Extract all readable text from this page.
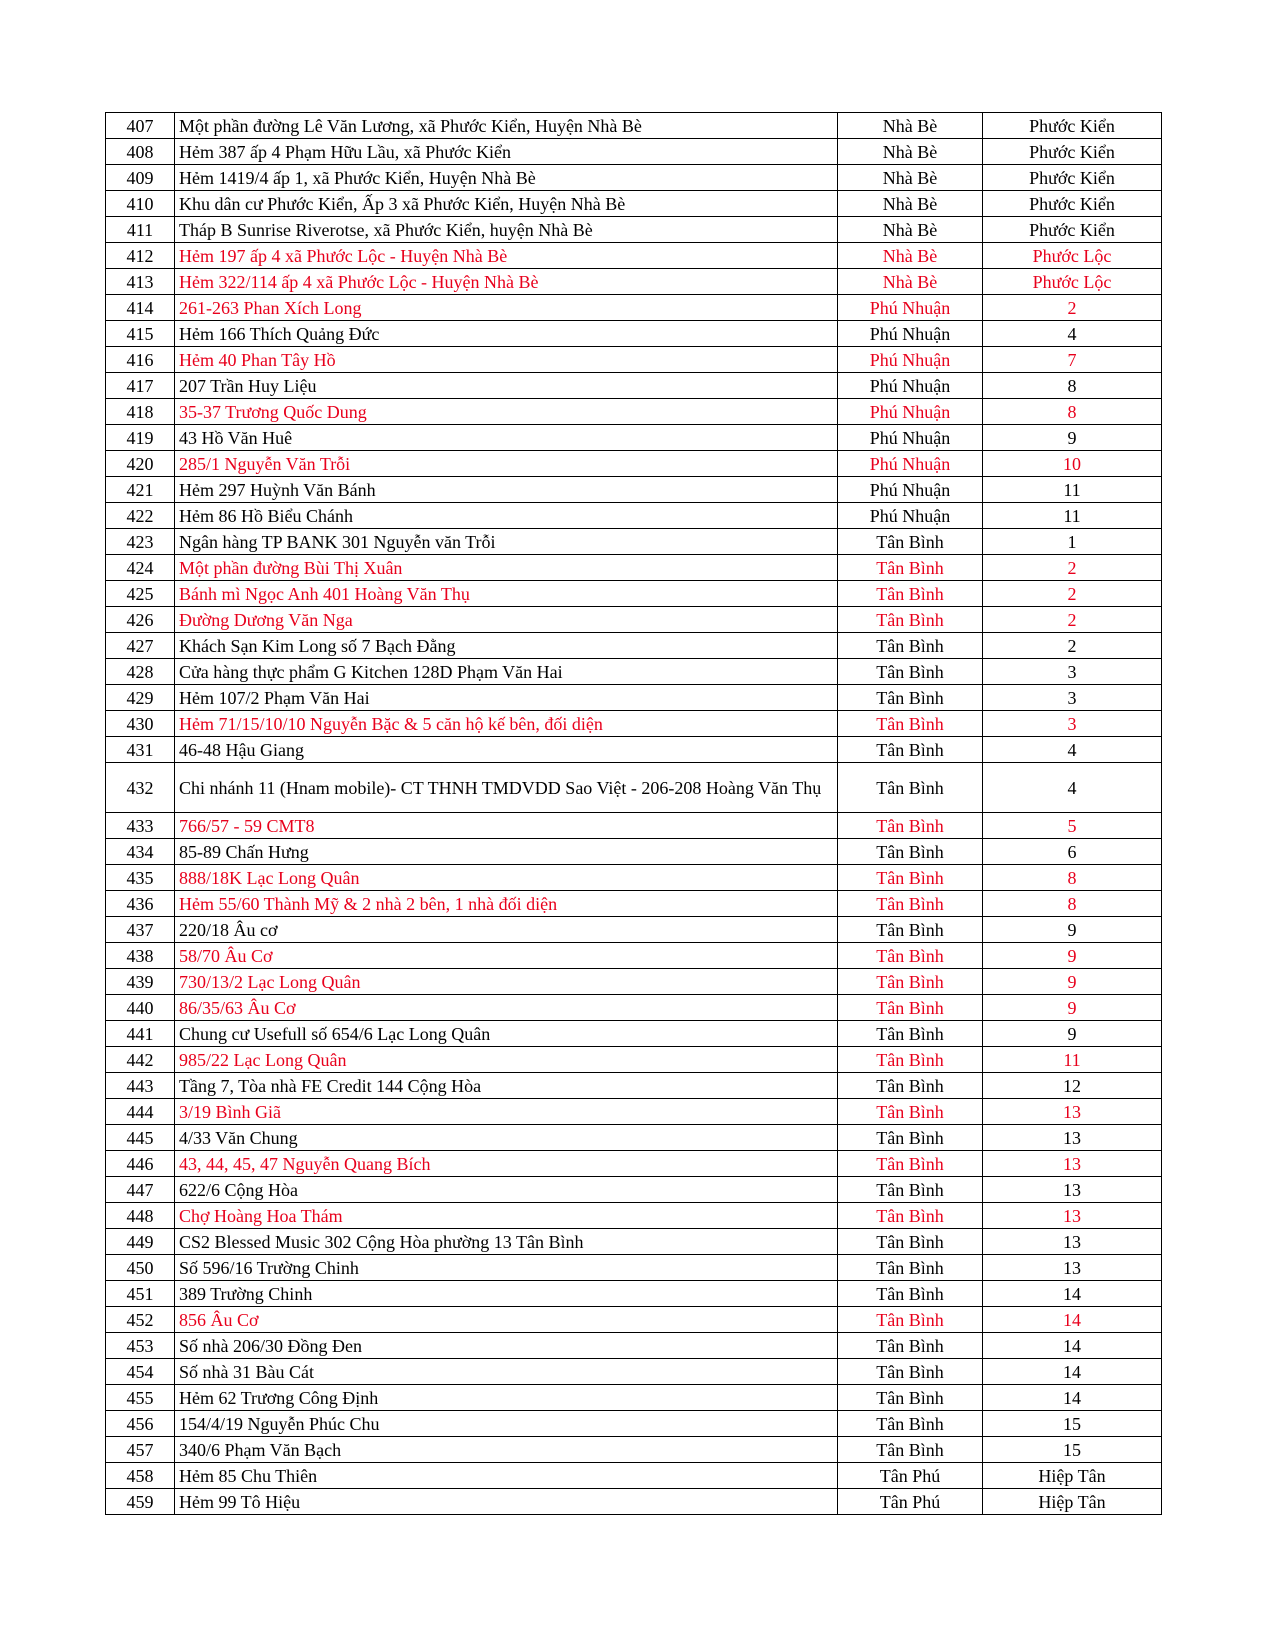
407	Một phần đường Lê Văn Lương, xã Phước Kiển, Huyện Nhà Bè	Nhà Bè	Phước Kiển
408	Hẻm 387 ấp 4 Phạm Hữu Lầu, xã Phước Kiển	Nhà Bè	Phước Kiển
409	Hẻm 1419/4 ấp 1, xã Phước Kiển, Huyện Nhà Bè	Nhà Bè	Phước Kiển
410	Khu dân cư Phước Kiển, Ấp 3 xã Phước Kiển, Huyện Nhà Bè	Nhà Bè	Phước Kiển
411	Tháp B Sunrise Riverotse, xã Phước Kiển, huyện Nhà Bè	Nhà Bè	Phước Kiển
412	Hẻm 197 ấp 4 xã Phước Lộc - Huyện Nhà Bè	Nhà Bè	Phước Lộc
413	Hẻm 322/114 ấp 4 xã Phước Lộc - Huyện Nhà Bè	Nhà Bè	Phước Lộc
414	261-263 Phan Xích Long	Phú Nhuận	2
415	Hẻm 166 Thích Quảng Đức	Phú Nhuận	4
416	Hẻm 40 Phan Tây Hồ	Phú Nhuận	7
417	207 Trần Huy Liệu	Phú Nhuận	8
418	35-37 Trương Quốc Dung	Phú Nhuận	8
419	43 Hồ Văn Huê	Phú Nhuận	9
420	285/1 Nguyễn Văn Trỗi	Phú Nhuận	10
421	Hẻm 297 Huỳnh Văn Bánh	Phú Nhuận	11
422	Hẻm 86 Hồ Biểu Chánh	Phú Nhuận	11
423	Ngân hàng TP BANK 301 Nguyễn văn Trỗi	Tân Bình	1
424	Một phần đường Bùi Thị Xuân	Tân Bình	2
425	Bánh mì Ngọc Anh 401 Hoàng Văn Thụ	Tân Bình	2
426	Đường Dương Văn Nga	Tân Bình	2
427	Khách Sạn Kim Long số 7 Bạch Đằng	Tân Bình	2
428	Cửa hàng thực phẩm G Kitchen 128D Phạm Văn Hai	Tân Bình	3
429	Hẻm 107/2 Phạm Văn Hai	Tân Bình	3
430	Hẻm 71/15/10/10 Nguyễn Bặc & 5 căn hộ kế bên, đối diện	Tân Bình	3
431	46-48 Hậu Giang	Tân Bình	4
432	Chi nhánh 11 (Hnam mobile)- CT THNH TMDVDD Sao Việt - 206-208 Hoàng Văn Thụ	Tân Bình	4
433	766/57 - 59 CMT8	Tân Bình	5
434	85-89 Chấn Hưng	Tân Bình	6
435	888/18K Lạc Long Quân	Tân Bình	8
436	Hẻm 55/60 Thành Mỹ & 2 nhà 2 bên, 1 nhà đối diện	Tân Bình	8
437	220/18 Âu cơ	Tân Bình	9
438	58/70 Âu Cơ	Tân Bình	9
439	730/13/2 Lạc Long Quân	Tân Bình	9
440	86/35/63 Âu Cơ	Tân Bình	9
441	Chung cư Usefull số 654/6 Lạc Long Quân	Tân Bình	9
442	985/22 Lạc Long Quân	Tân Bình	11
443	Tầng 7, Tòa nhà FE Credit 144 Cộng Hòa	Tân Bình	12
444	3/19 Bình Giã	Tân Bình	13
445	4/33 Văn Chung	Tân Bình	13
446	43, 44, 45, 47 Nguyễn Quang Bích	Tân Bình	13
447	622/6 Cộng Hòa	Tân Bình	13
448	Chợ Hoàng Hoa Thám	Tân Bình	13
449	CS2 Blessed Music 302 Cộng Hòa phường 13 Tân Bình	Tân Bình	13
450	Số 596/16 Trường Chinh	Tân Bình	13
451	389 Trường Chinh	Tân Bình	14
452	856 Âu Cơ	Tân Bình	14
453	Số nhà 206/30 Đồng Đen	Tân Bình	14
454	Số nhà 31 Bàu Cát	Tân Bình	14
455	Hẻm 62 Trương Công Định	Tân Bình	14
456	154/4/19 Nguyễn Phúc Chu	Tân Bình	15
457	340/6 Phạm Văn Bạch	Tân Bình	15
458	Hẻm 85 Chu Thiên	Tân Phú	Hiệp Tân
459	Hẻm 99 Tô Hiệu	Tân Phú	Hiệp Tân
